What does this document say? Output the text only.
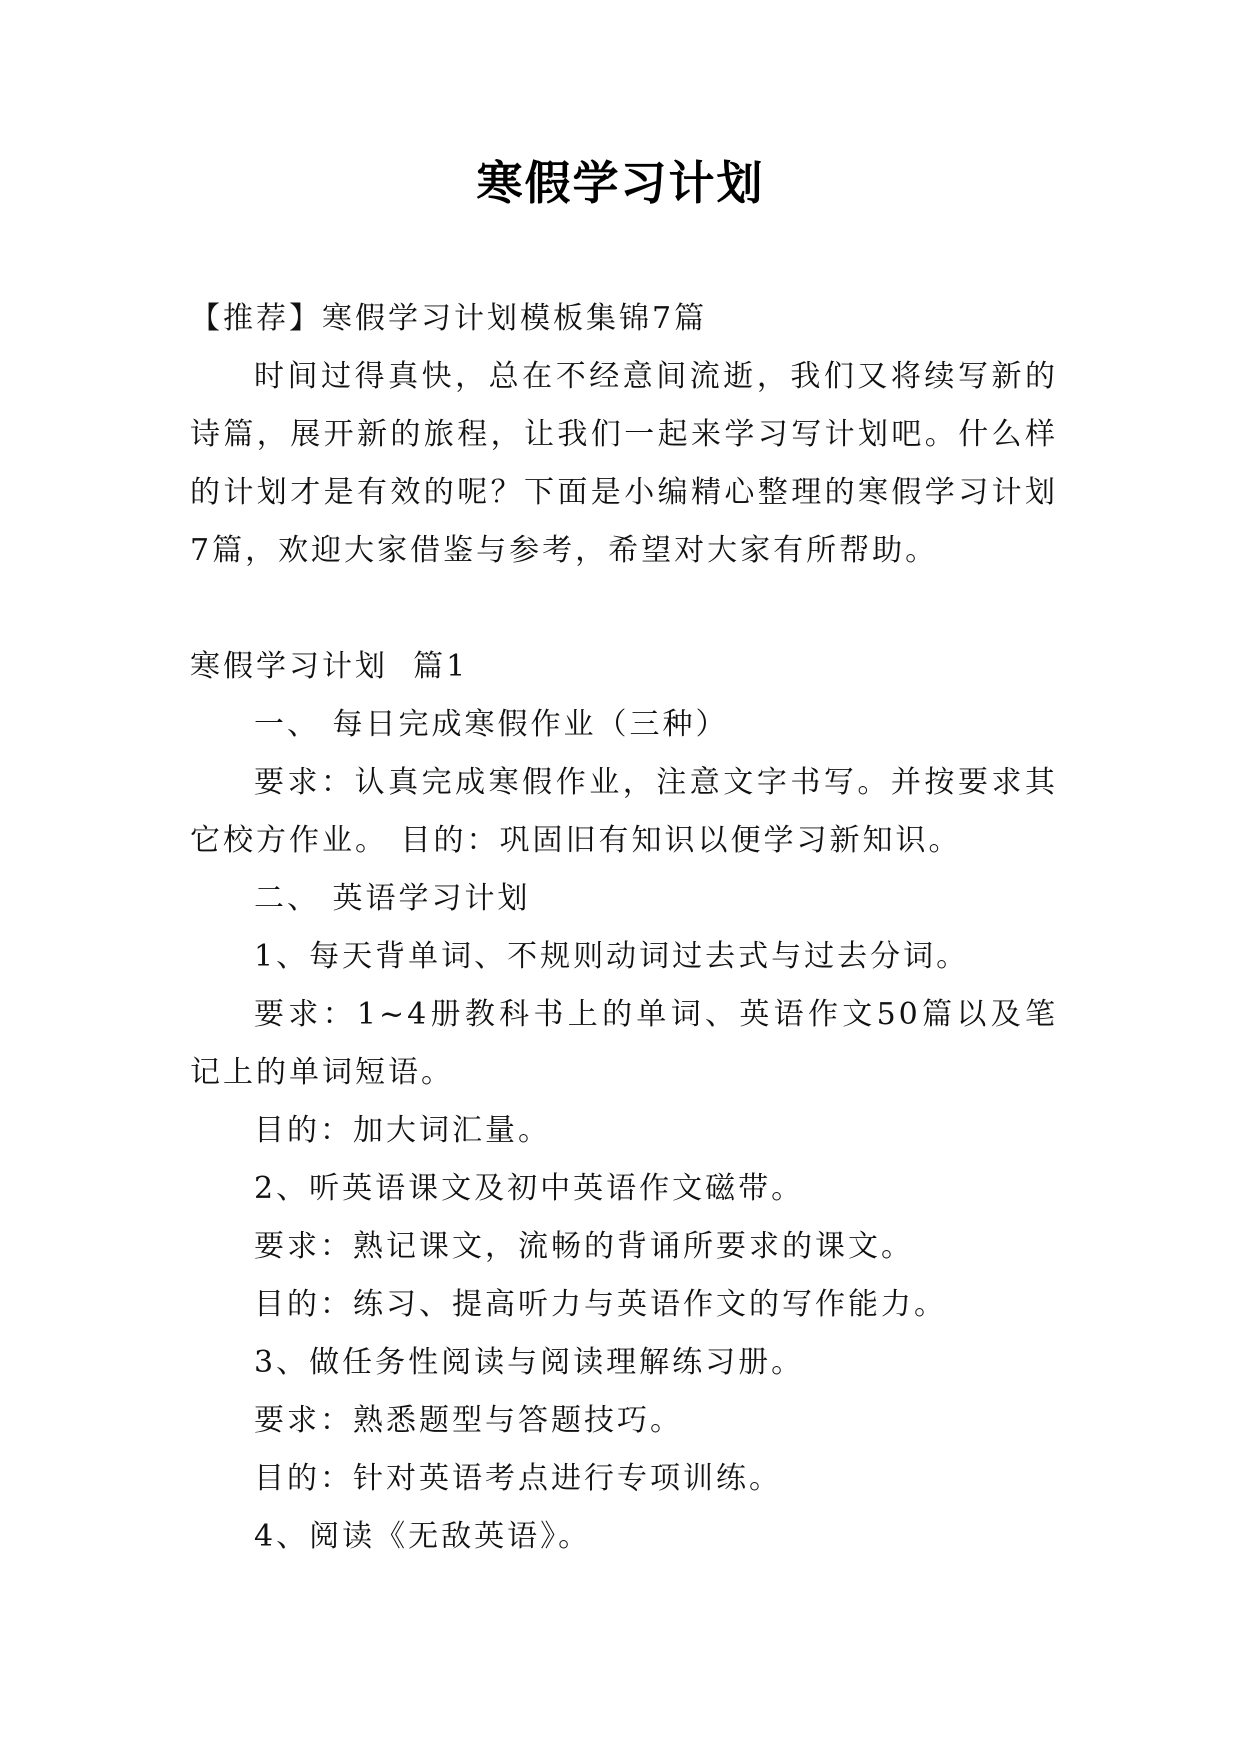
寒假学习计划

【推荐】寒假学习计划模板集锦7篇

时间过得真快，总在不经意间流逝，我们又将续写新的诗篇，展开新的旅程，让我们一起来学习写计划吧。什么样的计划才是有效的呢？下面是小编精心整理的寒假学习计划7篇，欢迎大家借鉴与参考，希望对大家有所帮助。

寒假学习计划  篇1

一、 每日完成寒假作业（三种）

要求：认真完成寒假作业，注意文字书写。并按要求其它校方作业。 目的：巩固旧有知识以便学习新知识。

二、 英语学习计划

1、每天背单词、不规则动词过去式与过去分词。

要求：1~4册教科书上的单词、英语作文50篇以及笔记上的单词短语。

目的：加大词汇量。

2、听英语课文及初中英语作文磁带。

要求：熟记课文，流畅的背诵所要求的课文。

目的：练习、提高听力与英语作文的写作能力。

3、做任务性阅读与阅读理解练习册。

要求：熟悉题型与答题技巧。

目的：针对英语考点进行专项训练。

4、阅读《无敌英语》。
